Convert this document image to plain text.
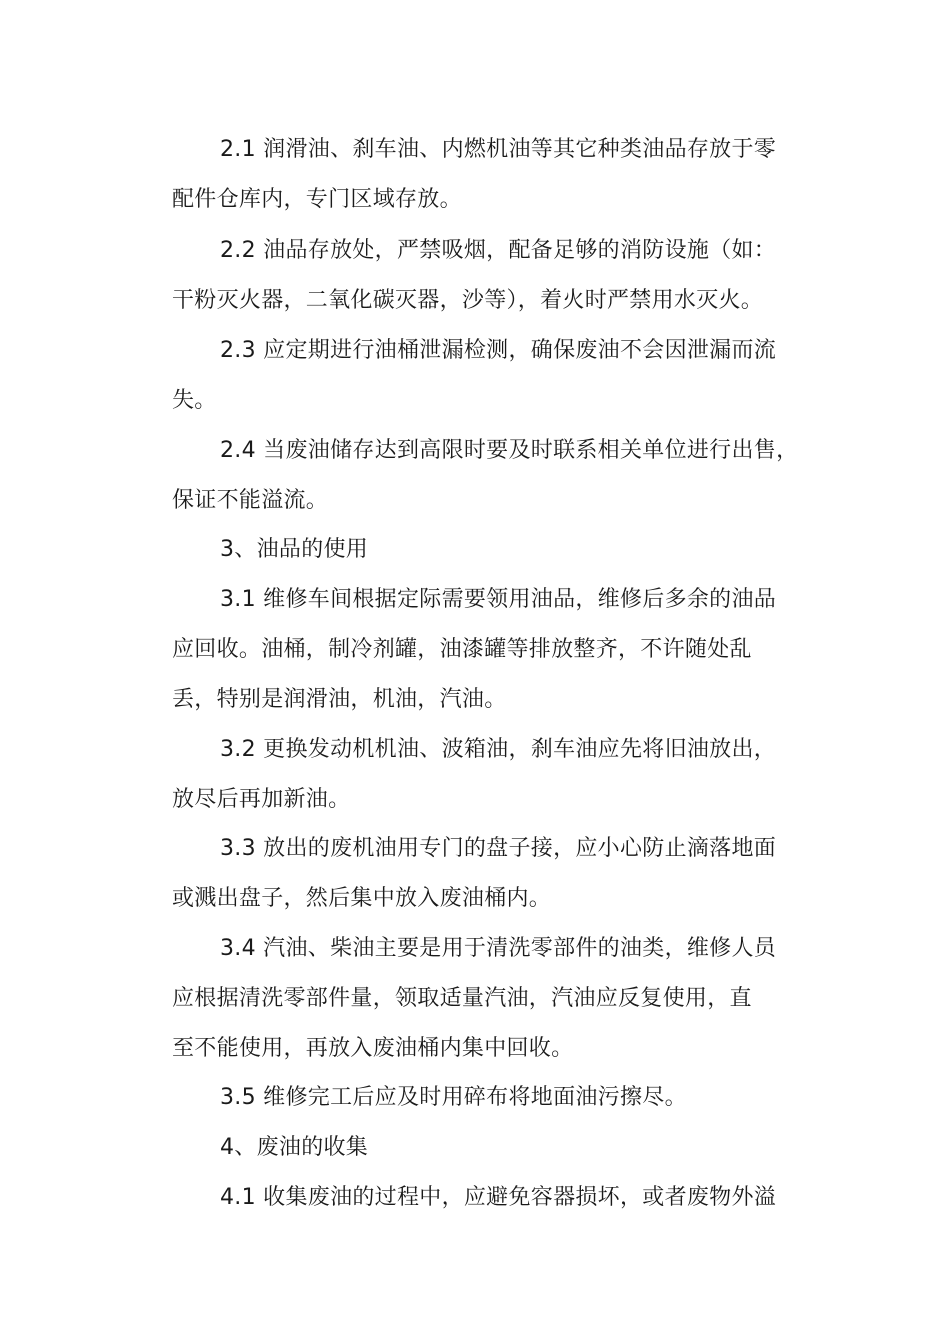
2.1 润滑油、刹车油、内燃机油等其它种类油品存放于零
配件仓库内，专门区域存放。
2.2 油品存放处，严禁吸烟，配备足够的消防设施（如：
干粉灭火器，二氧化碳灭器，沙等），着火时严禁用水灭火。
2.3 应定期进行油桶泄漏检测，确保废油不会因泄漏而流
失。
2.4 当废油储存达到高限时要及时联系相关单位进行出售，
保证不能溢流。
3、油品的使用
3.1 维修车间根据定际需要领用油品，维修后多余的油品
应回收。油桶，制冷剂罐，油漆罐等排放整齐，不许随处乱
丢，特别是润滑油，机油，汽油。
3.2 更换发动机机油、波箱油，刹车油应先将旧油放出，
放尽后再加新油。
3.3 放出的废机油用专门的盘子接，应小心防止滴落地面
或溅出盘子，然后集中放入废油桶内。
3.4 汽油、柴油主要是用于清洗零部件的油类，维修人员
应根据清洗零部件量，领取适量汽油，汽油应反复使用，直
至不能使用，再放入废油桶内集中回收。
3.5 维修完工后应及时用碎布将地面油污擦尽。
4、废油的收集
4.1 收集废油的过程中，应避免容器损坏，或者废物外溢
